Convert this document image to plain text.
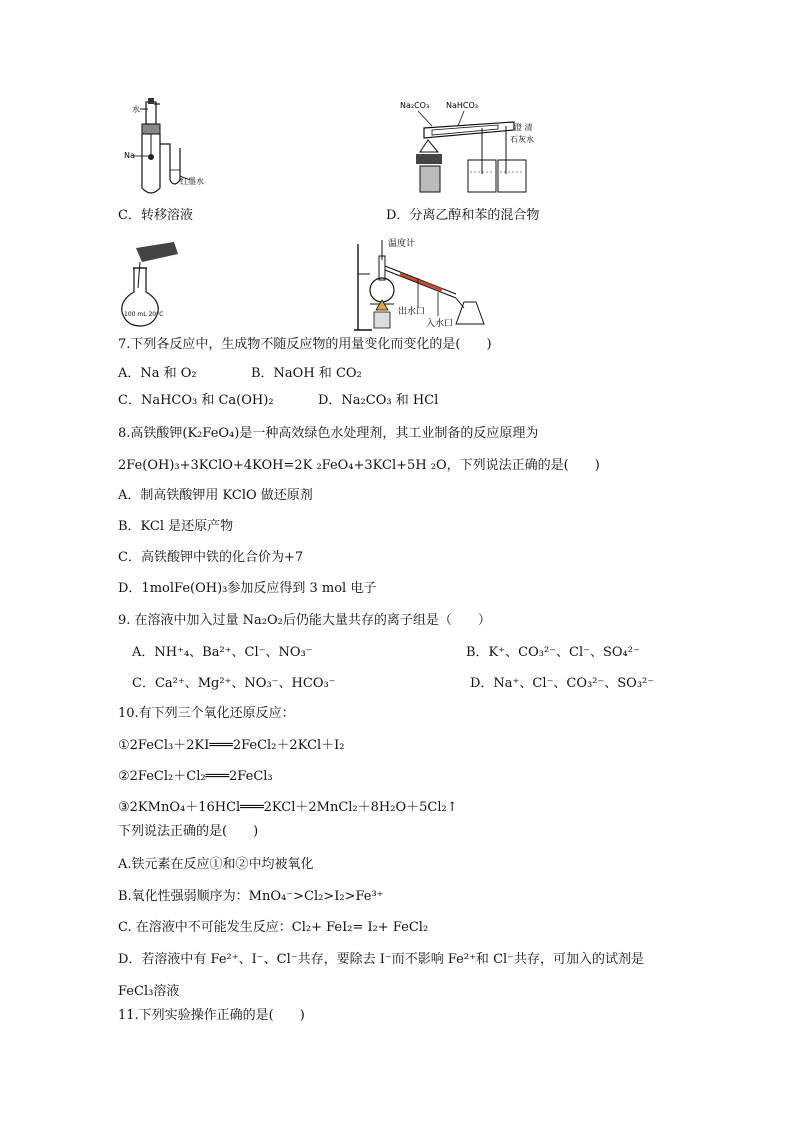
水
Na
红墨水
Na₂CO₃ NaHCO₃
澄 清
石灰水
C．转移溶液	D．分离乙醇和苯的混合物
100 mL 20°C
温度计
出水口
入水口
7.下列各反应中，生成物不随反应物的用量变化而变化的是(　　)
A．Na 和 O₂	B．NaOH 和 CO₂
C．NaHCO₃ 和 Ca(OH)₂	D．Na₂CO₃ 和 HCl
8.高铁酸钾(K₂FeO₄)是一种高效绿色水处理剂，其工业制备的反应原理为
2Fe(OH)₃+3KClO+4KOH=2K ₂FeO₄+3KCl+5H ₂O，下列说法正确的是(　　)
A．制高铁酸钾用 KClO 做还原剂
B．KCl 是还原产物
C．高铁酸钾中铁的化合价为+7
D．1molFe(OH)₃参加反应得到 3 mol 电子
9. 在溶液中加入过量 Na₂O₂后仍能大量共存的离子组是（　　）
A．NH⁺₄、Ba²⁺、Cl⁻、NO₃⁻	B．K⁺、CO₃²⁻、Cl⁻、SO₄²⁻
C．Ca²⁺、Mg²⁺、NO₃⁻、HCO₃⁻	D．Na⁺、Cl⁻、CO₃²⁻、SO₃²⁻
10.有下列三个氧化还原反应：
①2FeCl₃＋2KI═══2FeCl₂＋2KCl＋I₂
②2FeCl₂＋Cl₂═══2FeCl₃
③2KMnO₄＋16HCl═══2KCl＋2MnCl₂＋8H₂O＋5Cl₂↑
下列说法正确的是(　　)
A.铁元素在反应①和②中均被氧化
B.氧化性强弱顺序为：MnO₄⁻>Cl₂>I₂>Fe³⁺
C. 在溶液中不可能发生反应：Cl₂+ FeI₂= I₂+ FeCl₂
D．若溶液中有 Fe²⁺、I⁻、Cl⁻共存，要除去 I⁻而不影响 Fe²⁺和 Cl⁻共存，可加入的试剂是
FeCl₃溶液
11.下列实验操作正确的是(　　)
